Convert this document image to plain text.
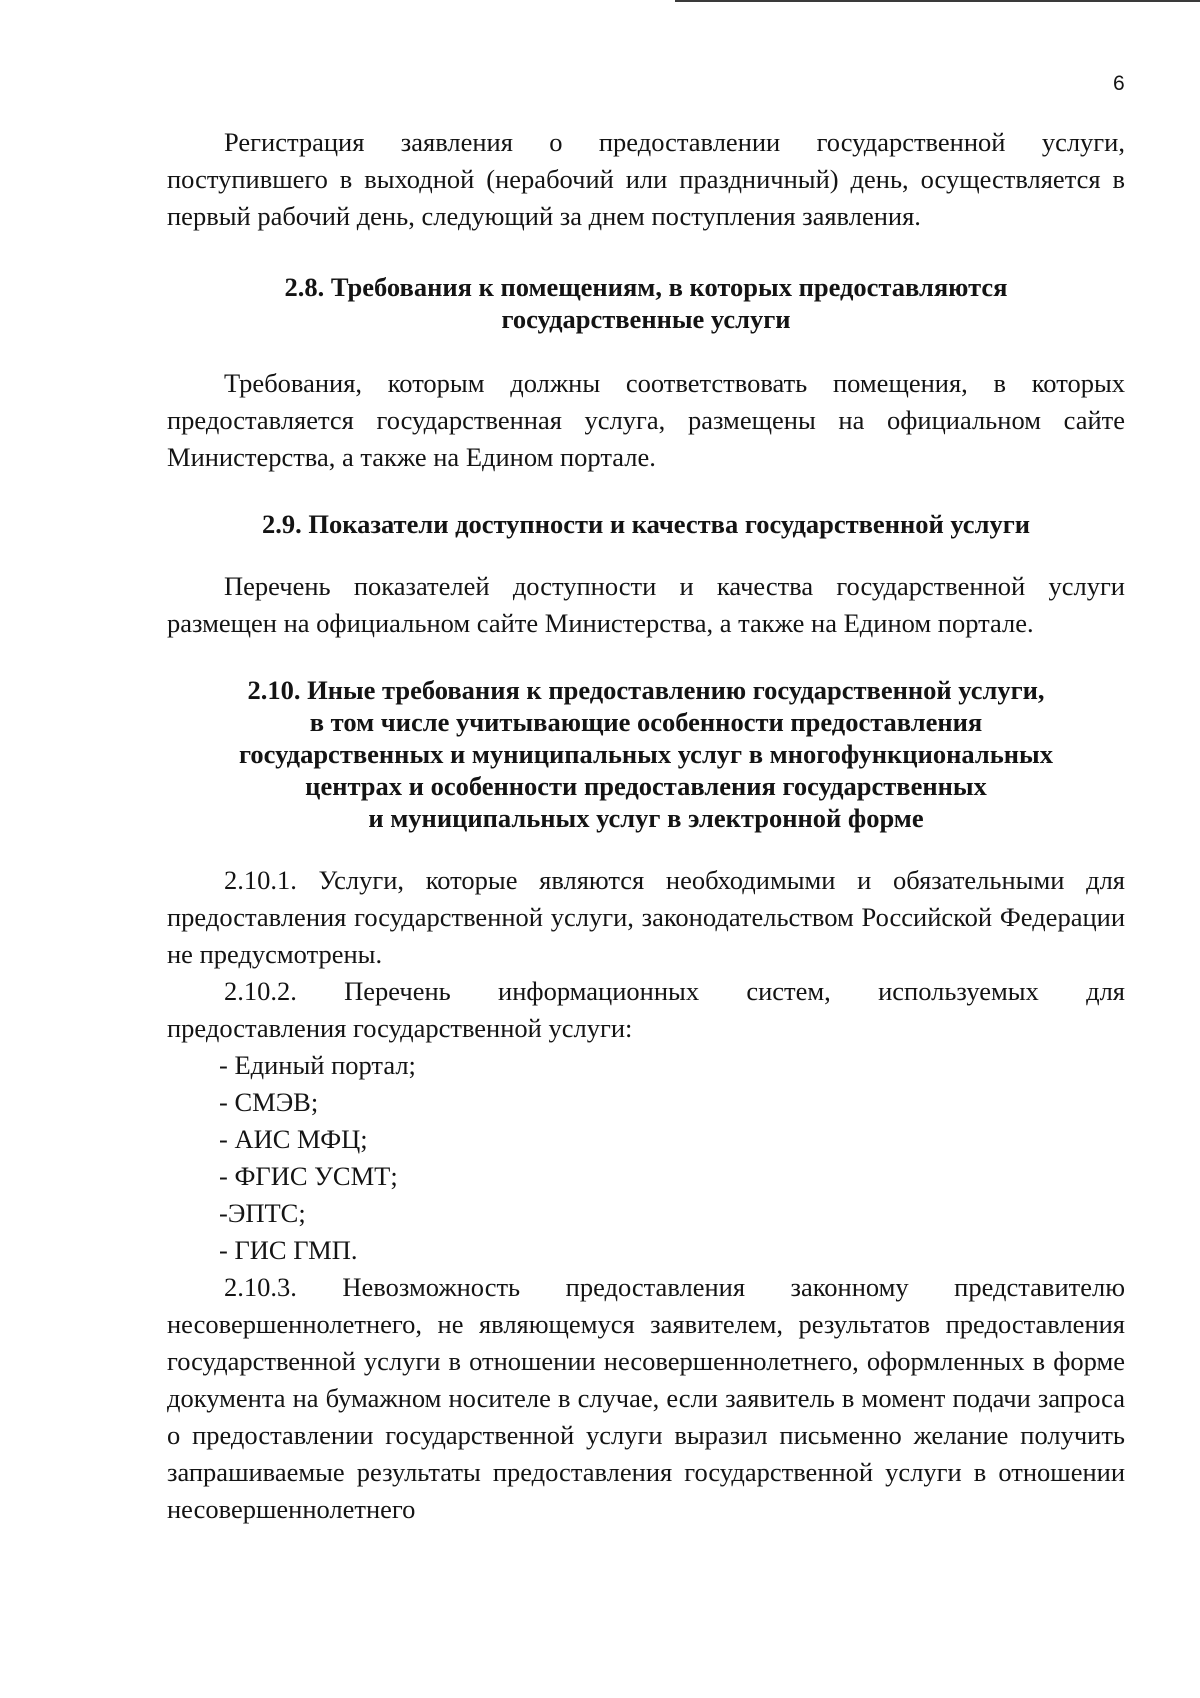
6

Регистрация заявления о предоставлении государственной услуги, поступившего в выходной (нерабочий или праздничный) день, осуществляется в первый рабочий день, следующий за днем поступления заявления.

2.8. Требования к помещениям, в которых предоставляются
государственные услуги

Требования, которым должны соответствовать помещения, в которых предоставляется государственная услуга, размещены на официальном сайте Министерства, а также на Едином портале.

2.9. Показатели доступности и качества государственной услуги

Перечень показателей доступности и качества государственной услуги размещен на официальном сайте Министерства, а также на Едином портале.

2.10. Иные требования к предоставлению государственной услуги,
в том числе учитывающие особенности предоставления
государственных и муниципальных услуг в многофункциональных
центрах и особенности предоставления государственных
и муниципальных услуг в электронной форме

2.10.1. Услуги, которые являются необходимыми и обязательными для предоставления государственной услуги, законодательством Российской Федерации не предусмотрены.

2.10.2. Перечень информационных систем, используемых для
предоставления государственной услуги:

- Единый портал;
- СМЭВ;
- АИС МФЦ;
- ФГИС УСМТ;
-ЭПТС;
- ГИС ГМП.

2.10.3. Невозможность предоставления законному представителю несовершеннолетнего, не являющемуся заявителем, результатов предоставления государственной услуги в отношении несовершеннолетнего, оформленных в форме документа на бумажном носителе в случае, если заявитель в момент подачи запроса о предоставлении государственной услуги выразил письменно желание получить запрашиваемые результаты предоставления государственной услуги в отношении несовершеннолетнего
